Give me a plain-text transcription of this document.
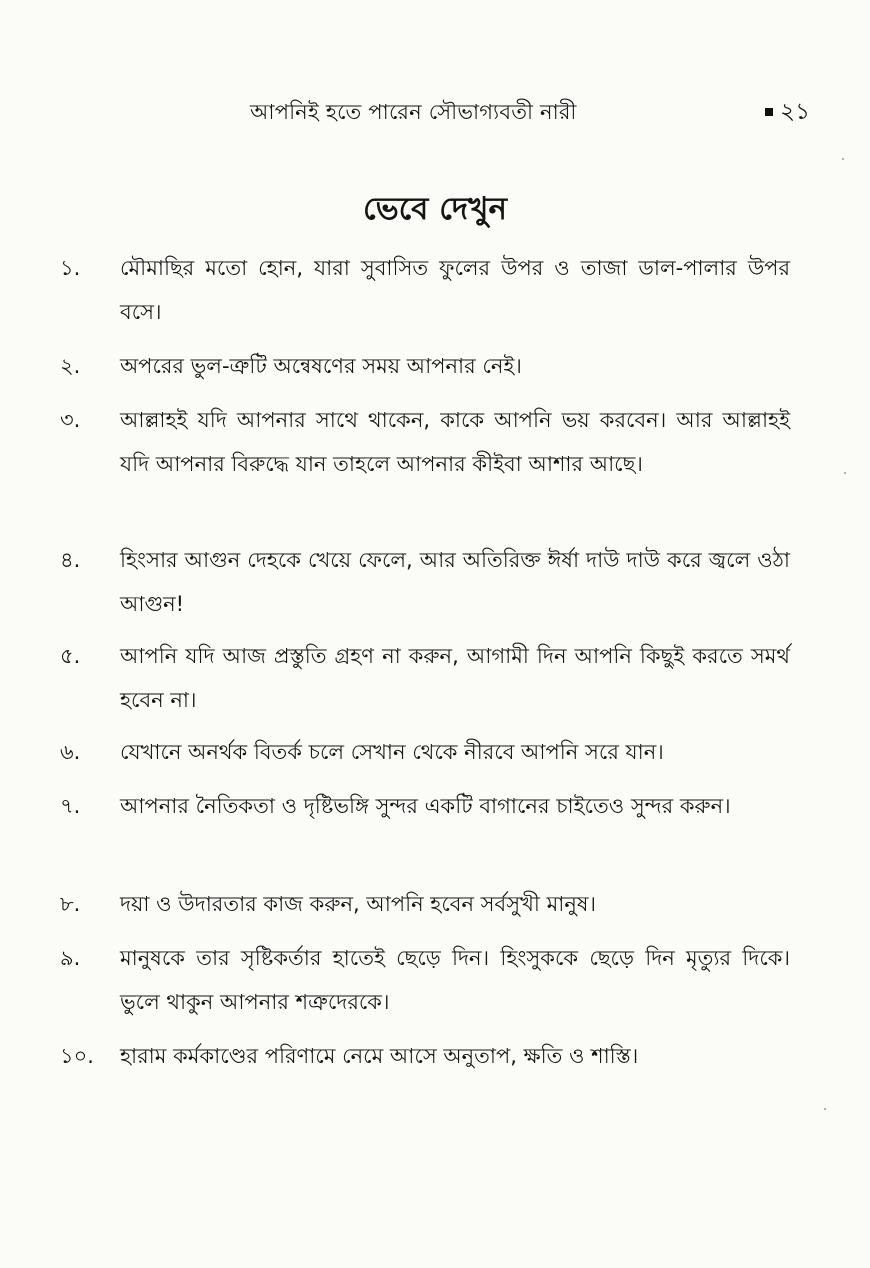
আপনিই হতে পারেন সৌভাগ্যবতী নারী	২১
ভেবে দেখুন
১.	মৌমাছির মতো হোন, যারা সুবাসিত ফুলের উপর ও তাজা ডাল-পালার উপর বসে।
২.	অপরের ভুল-ত্রুটি অন্বেষণের সময় আপনার নেই।
৩.	আল্লাহই যদি আপনার সাথে থাকেন, কাকে আপনি ভয় করবেন। আর আল্লাহই যদি আপনার বিরুদ্ধে যান তাহলে আপনার কীইবা আশার আছে।
৪.	হিংসার আগুন দেহকে খেয়ে ফেলে, আর অতিরিক্ত ঈর্ষা দাউ দাউ করে জ্বলে ওঠা আগুন!
৫.	আপনি যদি আজ প্রস্তুতি গ্রহণ না করুন, আগামী দিন আপনি কিছুই করতে সমর্থ হবেন না।
৬.	যেখানে অনর্থক বিতর্ক চলে সেখান থেকে নীরবে আপনি সরে যান।
৭.	আপনার নৈতিকতা ও দৃষ্টিভঙ্গি সুন্দর একটি বাগানের চাইতেও সুন্দর করুন।
৮.	দয়া ও উদারতার কাজ করুন, আপনি হবেন সর্বসুখী মানুষ।
৯.	মানুষকে তার সৃষ্টিকর্তার হাতেই ছেড়ে দিন। হিংসুককে ছেড়ে দিন মৃত্যুর দিকে। ভুলে থাকুন আপনার শত্রুদেরকে।
১০.	হারাম কর্মকাণ্ডের পরিণামে নেমে আসে অনুতাপ, ক্ষতি ও শাস্তি।
